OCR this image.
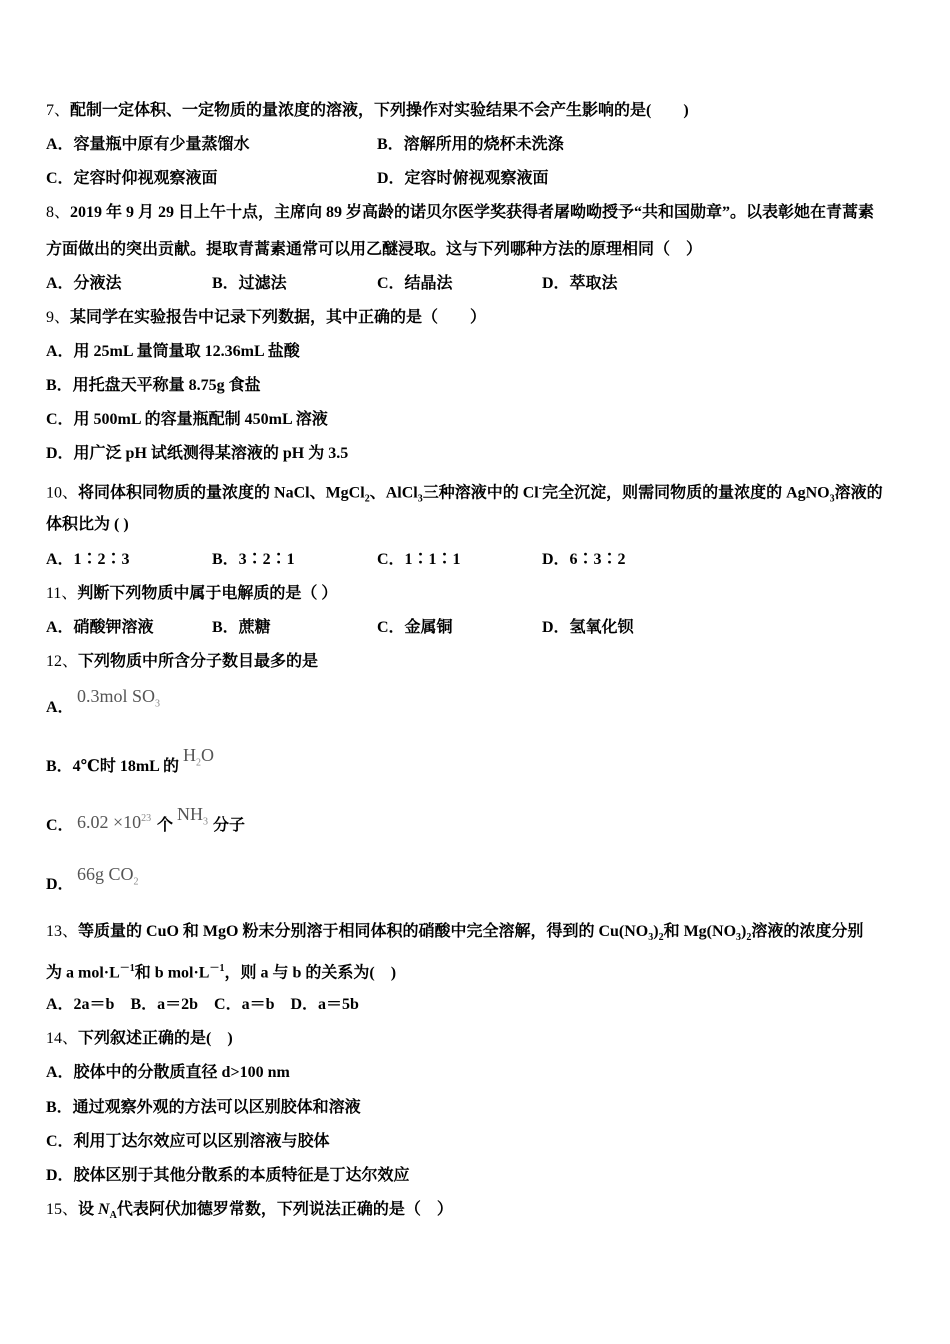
7、配制一定体积、一定物质的量浓度的溶液，下列操作对实验结果不会产生影响的是(　　)
A．容量瓶中原有少量蒸馏水	B．溶解所用的烧杯未洗涤
C．定容时仰视观察液面	D．定容时俯视观察液面
8、2019 年 9 月 29 日上午十点，主席向 89 岁高龄的诺贝尔医学奖获得者屠呦呦授予“共和国勋章”。以表彰她在青蒿素
方面做出的突出贡献。提取青蒿素通常可以用乙醚浸取。这与下列哪种方法的原理相同（　）
A．分液法	B．过滤法	C．结晶法	D．萃取法
9、某同学在实验报告中记录下列数据，其中正确的是（　　）
A．用 25mL 量筒量取 12.36mL 盐酸
B．用托盘天平称量 8.75g 食盐
C．用 500mL 的容量瓶配制 450mL 溶液
D．用广泛 pH 试纸测得某溶液的 pH 为 3.5
10、将同体积同物质的量浓度的 NaCl、MgCl$_2$、AlCl$_3$三种溶液中的 Cl-完全沉淀，则需同物质的量浓度的 AgNO$_3$溶液的
体积比为 ( )
A．1∶2∶3	B．3∶2∶1	C．1∶1∶1	D．6∶3∶2
11、判断下列物质中属于电解质的是（ ）
A．硝酸钾溶液	B．蔗糖	C．金属铜	D．氢氧化钡
12、下列物质中所含分子数目最多的是
A．
0.3mol $SO_3$
B．4℃时 18mL 的
$H_2O$
C． $6.02 \times 10^{23}$ 个
$NH_3$ 分子
D．
66g $CO_2$
13、等质量的 CuO 和 MgO 粉末分别溶于相同体积的硝酸中完全溶解，得到的 $Cu(NO_3)_2$和 $Mg(NO_3)_2$溶液的浓度分别
为 a $mol\cdot L^{-1}$和 b $mol\cdot L^{-1}$，则 a 与 b 的关系为(　)
A．2a＝b　B．a＝2b　C．a＝b　D．a＝5b
14、下列叙述正确的是(　)
A．胶体中的分散质直径 d>100 nm
B．通过观察外观的方法可以区别胶体和溶液
C．利用丁达尔效应可以区别溶液与胶体
D．胶体区别于其他分散系的本质特征是丁达尔效应
15、设 $N_A$代表阿伏加德罗常数，下列说法正确的是（　）
